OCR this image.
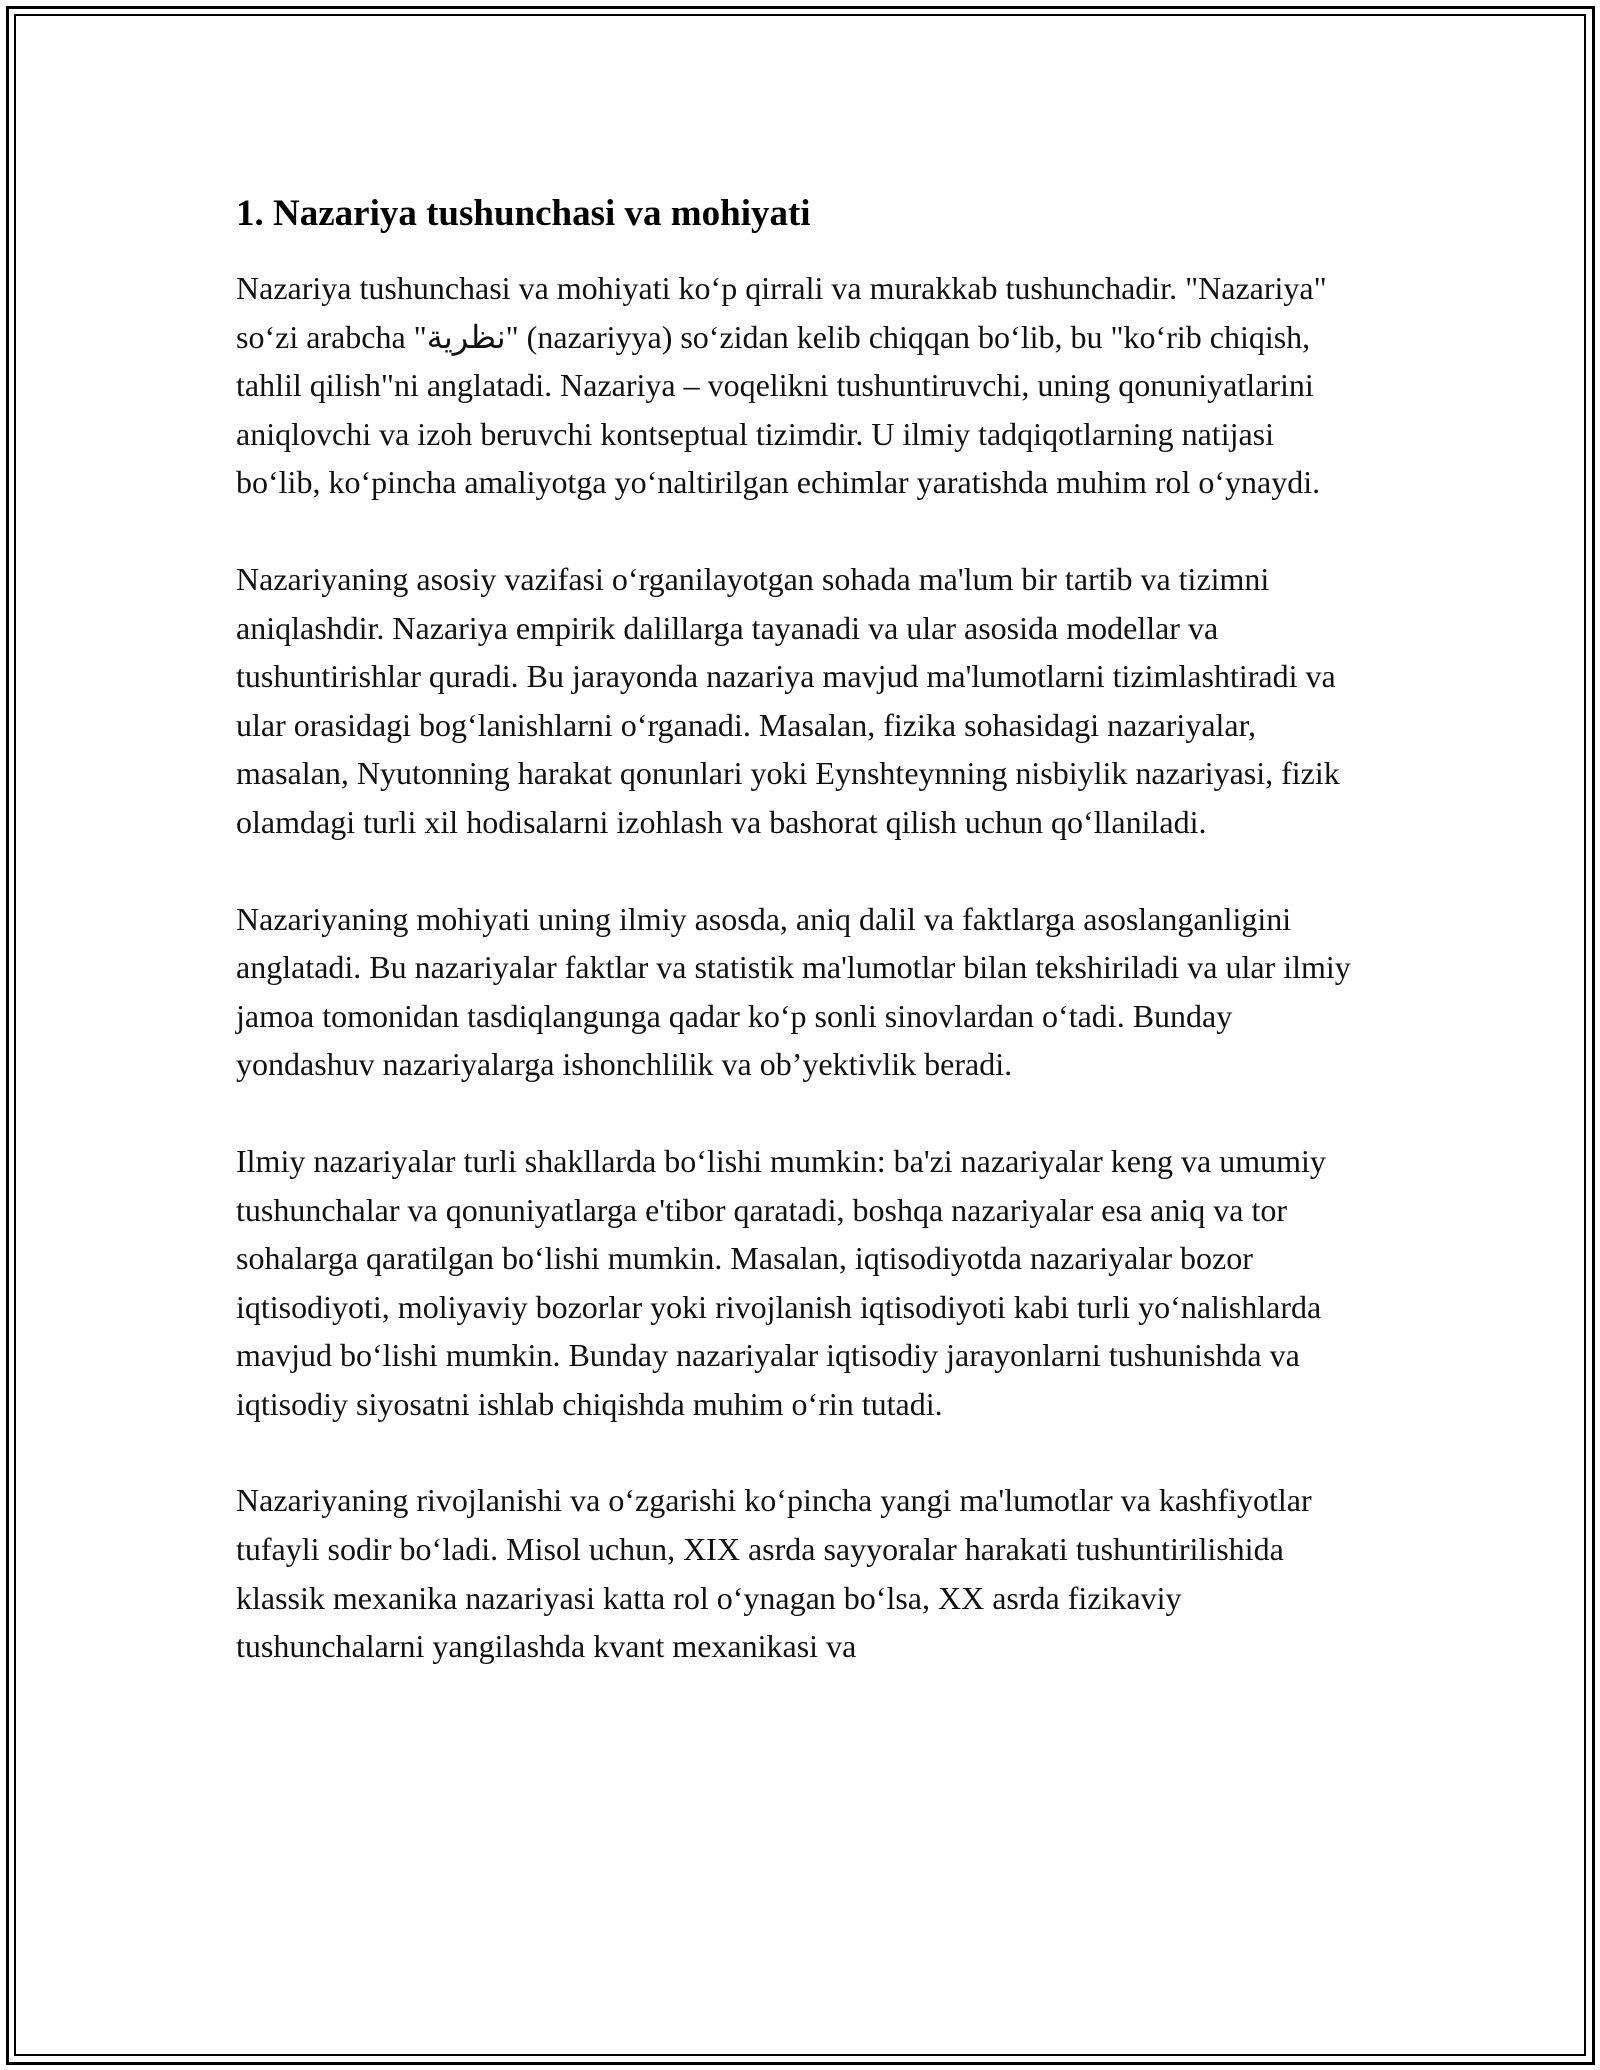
1. Nazariya tushunchasi va mohiyati

Nazariya tushunchasi va mohiyati koʻp qirrali va murakkab tushunchadir. "Nazariya" soʻzi arabcha "نظرية" (nazariyya) soʻzidan kelib chiqqan boʻlib, bu "koʻrib chiqish, tahlil qilish"ni anglatadi. Nazariya – voqelikni tushuntiruvchi, uning qonuniyatlarini aniqlovchi va izoh beruvchi kontseptual tizimdir. U ilmiy tadqiqotlarning natijasi boʻlib, koʻpincha amaliyotga yoʻnaltirilgan echimlar yaratishda muhim rol oʻynaydi.

Nazariyaning asosiy vazifasi oʻrganilayotgan sohada ma'lum bir tartib va tizimni aniqlashdir. Nazariya empirik dalillarga tayanadi va ular asosida modellar va tushuntirishlar quradi. Bu jarayonda nazariya mavjud ma'lumotlarni tizimlashtiradi va ular orasidagi bogʻlanishlarni oʻrganadi. Masalan, fizika sohasidagi nazariyalar, masalan, Nyutonning harakat qonunlari yoki Eynshteynning nisbiylik nazariyasi, fizik olamdagi turli xil hodisalarni izohlash va bashorat qilish uchun qoʻllaniladi.

Nazariyaning mohiyati uning ilmiy asosda, aniq dalil va faktlarga asoslanganligini anglatadi. Bu nazariyalar faktlar va statistik ma'lumotlar bilan tekshiriladi va ular ilmiy jamoa tomonidan tasdiqlangunga qadar koʻp sonli sinovlardan oʻtadi. Bunday yondashuv nazariyalarga ishonchlilik va obʼyektivlik beradi.

Ilmiy nazariyalar turli shakllarda boʻlishi mumkin: ba'zi nazariyalar keng va umumiy tushunchalar va qonuniyatlarga e'tibor qaratadi, boshqa nazariyalar esa aniq va tor sohalarga qaratilgan boʻlishi mumkin. Masalan, iqtisodiyotda nazariyalar bozor iqtisodiyoti, moliyaviy bozorlar yoki rivojlanish iqtisodiyoti kabi turli yoʻnalishlarda mavjud boʻlishi mumkin. Bunday nazariyalar iqtisodiy jarayonlarni tushunishda va iqtisodiy siyosatni ishlab chiqishda muhim oʻrin tutadi.

Nazariyaning rivojlanishi va oʻzgarishi koʻpincha yangi ma'lumotlar va kashfiyotlar tufayli sodir boʻladi. Misol uchun, XIX asrda sayyoralar harakati tushuntirilishida klassik mexanika nazariyasi katta rol oʻynagan boʻlsa, XX asrda fizikaviy tushunchalarni yangilashda kvant mexanikasi va
